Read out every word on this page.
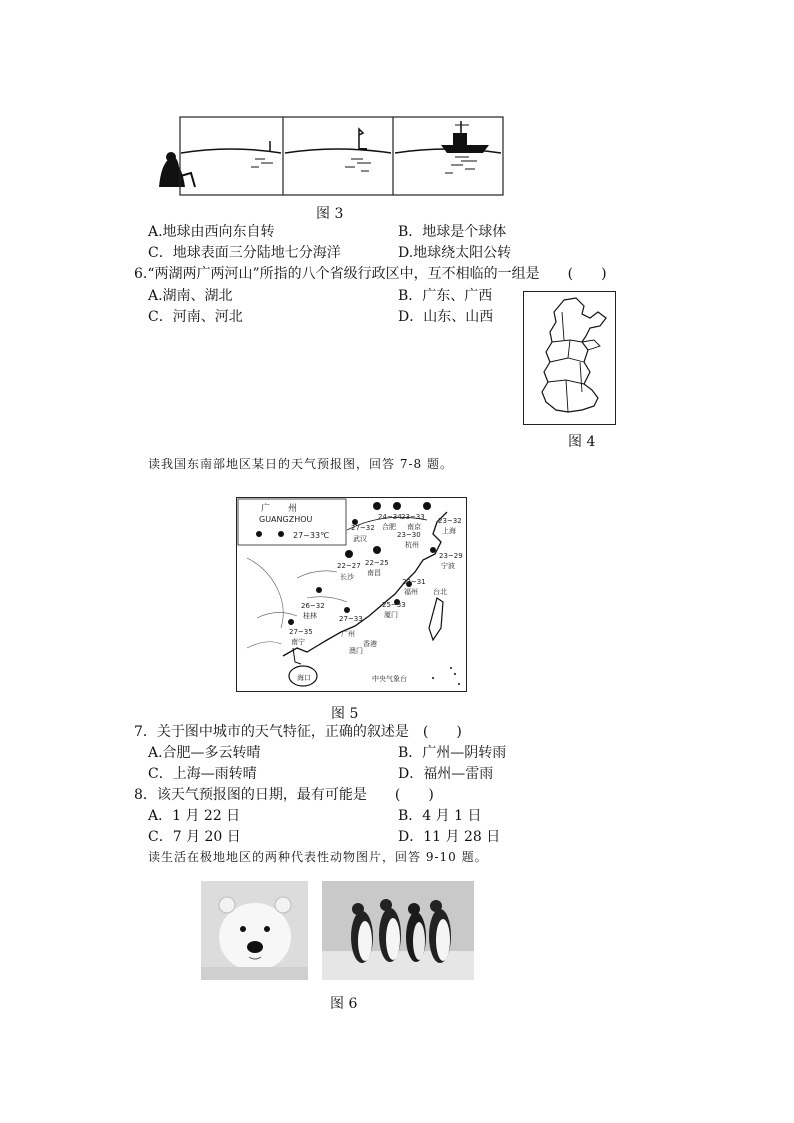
图 3
A.地球由西向东自转	B．地球是个球体
C．地球表面三分陆地七分海洋	D.地球绕太阳公转
6.“两湖两广两河山”所指的八个省级行政区中，互不相临的一组是　　(　　)
A.湖南、湖北	B．广东、广西
C．河南、河北	D．山东、山西
图 4
读我国东南部地区某日的天气预报图，回答 7-8 题。
广　　州
GUANGZHOU
27~33℃
24~34
合肥
23~33
南京
23~32
上海
27~32
武汉	23~30
杭州
23~29
宁波
22~27
长沙
22~25
南昌
22~31
福州 台北
26~32
桂林
25~33
厦门
27~33
广州
27~35
南宁	香港
澳门
海口	中央气象台
图 5
7．关于图中城市的天气特征，正确的叙述是　(　　)
A.合肥—多云转晴	B．广州—阴转雨
C．上海—雨转晴	D．福州—雷雨
8．该天气预报图的日期，最有可能是　　(　　)
A．1 月 22 日	B．4 月 1 日
C．7 月 20 日	D．11 月 28 日
读生活在极地地区的两种代表性动物图片，回答 9-10 题。
图 6
